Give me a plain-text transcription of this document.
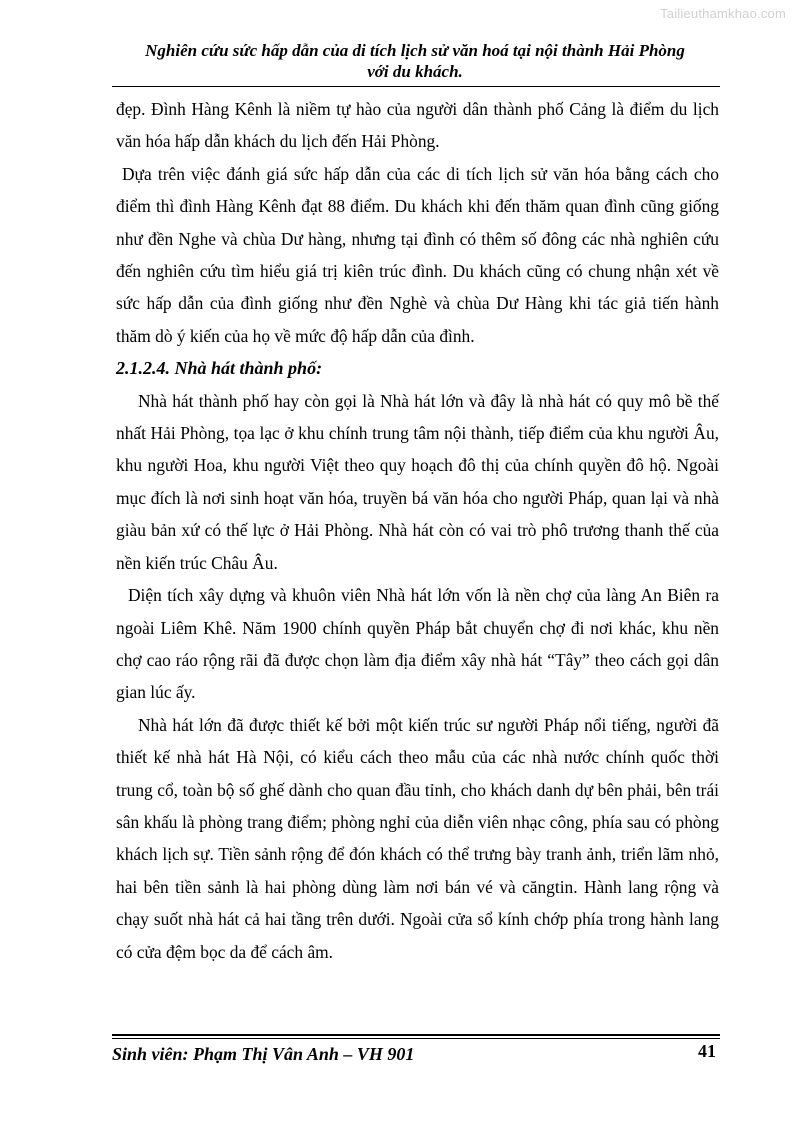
Tailieuthamkhao.com
Nghiên cứu sức hấp dẫn của di tích lịch sử văn hoá tại nội thành Hải Phòng
với du khách.

đẹp. Đình Hàng Kênh là niềm tự hào của người dân thành phố Cảng là điểm du lịch văn hóa hấp dẫn khách du lịch đến Hải Phòng.

Dựa trên việc đánh giá sức hấp dẫn của các di tích lịch sử văn hóa bằng cách cho điểm thì đình Hàng Kênh đạt 88 điểm. Du khách khi đến thăm quan đình cũng giống như đền Nghe và chùa Dư hàng, nhưng tại đình có thêm số đông các nhà nghiên cứu đến nghiên cứu tìm hiểu giá trị kiên trúc đình. Du khách cũng có chung nhận xét về sức hấp dẫn của đình giống như đền Nghè và chùa Dư Hàng khi tác giả tiến hành thăm dò ý kiến của họ về mức độ hấp dẫn của đình.

2.1.2.4. Nhà hát thành phố:

Nhà hát thành phố hay còn gọi là Nhà hát lớn và đây là nhà hát có quy mô bề thế nhất Hải Phòng, tọa lạc ở khu chính trung tâm nội thành, tiếp điểm của khu người Âu, khu người Hoa, khu người Việt theo quy hoạch đô thị của chính quyền đô hộ. Ngoài mục đích là nơi sinh hoạt văn hóa, truyền bá văn hóa cho người Pháp, quan lại và nhà giàu bản xứ có thế lực ở Hải Phòng. Nhà hát còn có vai trò phô trương thanh thế của nền kiến trúc Châu Âu.

Diện tích xây dựng và khuôn viên Nhà hát lớn vốn là nền chợ của làng An Biên ra ngoài Liêm Khê. Năm 1900 chính quyền Pháp bắt chuyển chợ đi nơi khác, khu nền chợ cao ráo rộng rãi đã được chọn làm địa điểm xây nhà hát “Tây” theo cách gọi dân gian lúc ấy.

Nhà hát lớn đã được thiết kế bởi một kiến trúc sư người Pháp nổi tiếng, người đã thiết kế nhà hát Hà Nội, có kiểu cách theo mẫu của các nhà nước chính quốc thời trung cổ, toàn bộ số ghế dành cho quan đầu tỉnh, cho khách danh dự bên phải, bên trái sân khấu là phòng trang điểm; phòng nghỉ của diễn viên nhạc công, phía sau có phòng khách lịch sự. Tiền sảnh rộng để đón khách có thể trưng bày tranh ảnh, triển lãm nhỏ, hai bên tiền sảnh là hai phòng dùng làm nơi bán vé và căngtin. Hành lang rộng và chạy suốt nhà hát cả hai tầng trên dưới. Ngoài cửa sổ kính chớp phía trong hành lang có cửa đệm bọc da để cách âm.

Sinh viên: Phạm Thị Vân Anh – VH 901	41
